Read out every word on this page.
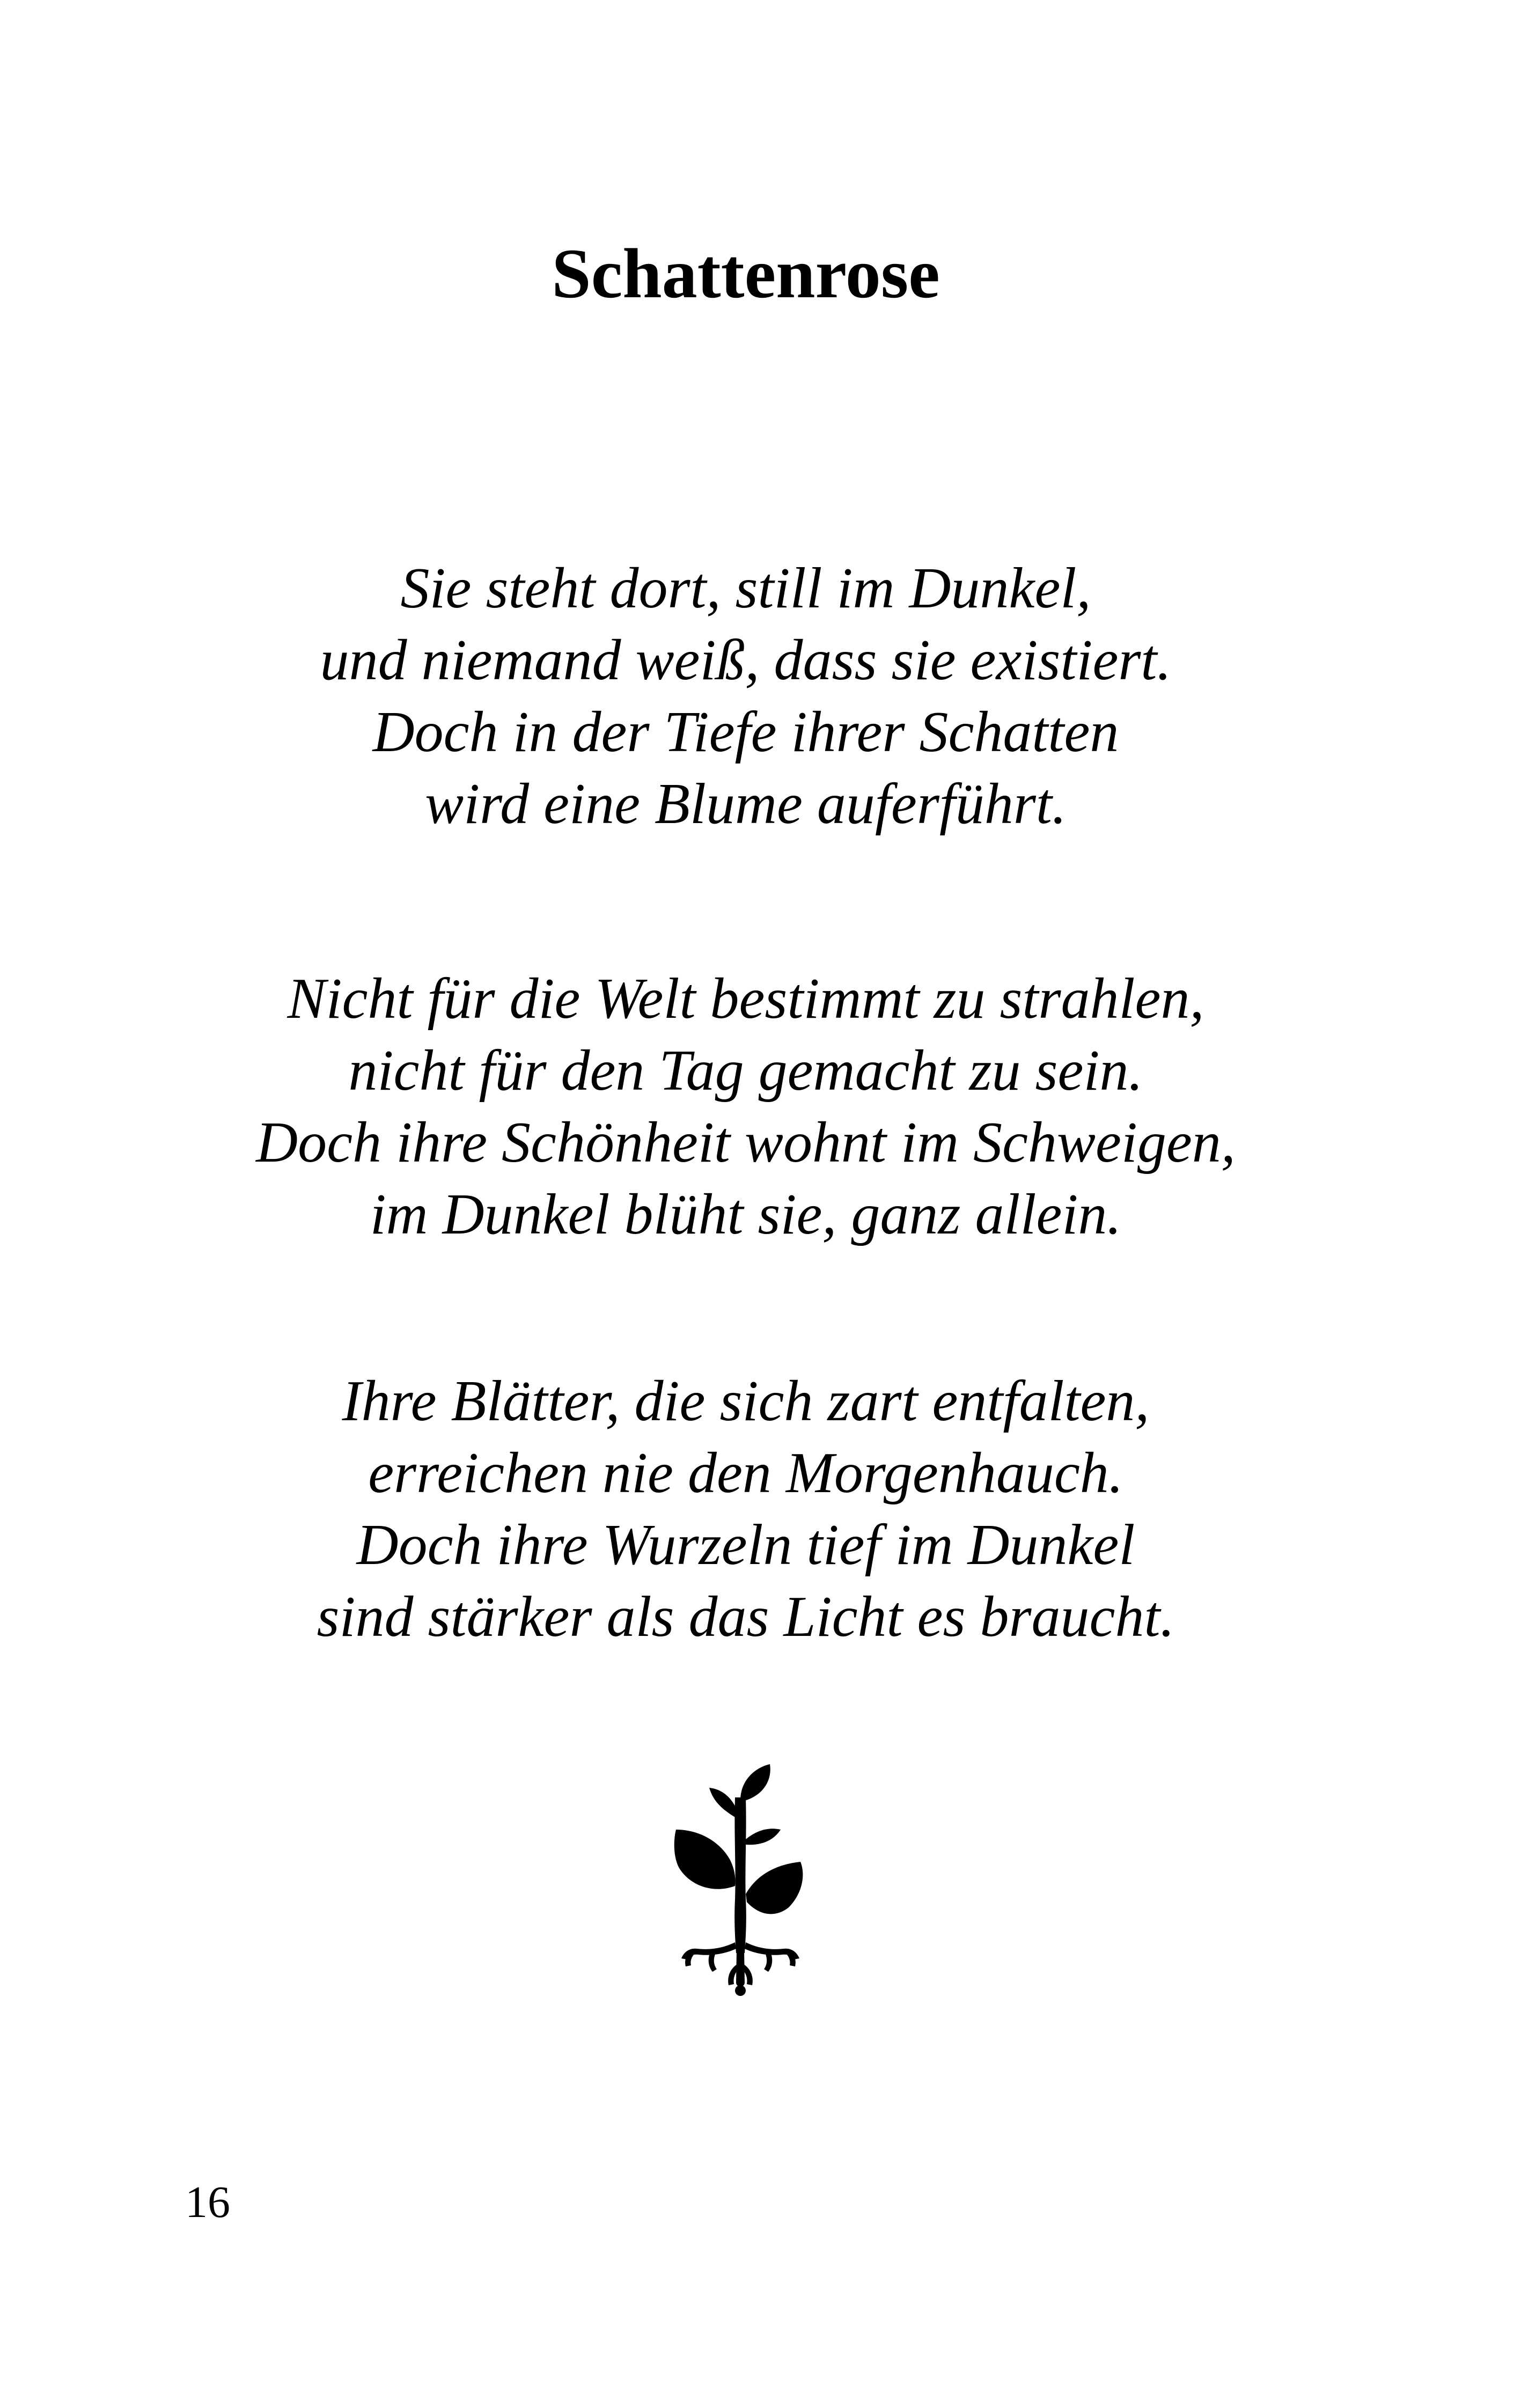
Schattenrose
Sie steht dort, still im Dunkel,
und niemand weiß, dass sie existiert.
Doch in der Tiefe ihrer Schatten
wird eine Blume auferführt.
Nicht für die Welt bestimmt zu strahlen,
nicht für den Tag gemacht zu sein.
Doch ihre Schönheit wohnt im Schweigen,
im Dunkel blüht sie, ganz allein.
Ihre Blätter, die sich zart entfalten,
erreichen nie den Morgenhauch.
Doch ihre Wurzeln tief im Dunkel
sind stärker als das Licht es braucht.
16
